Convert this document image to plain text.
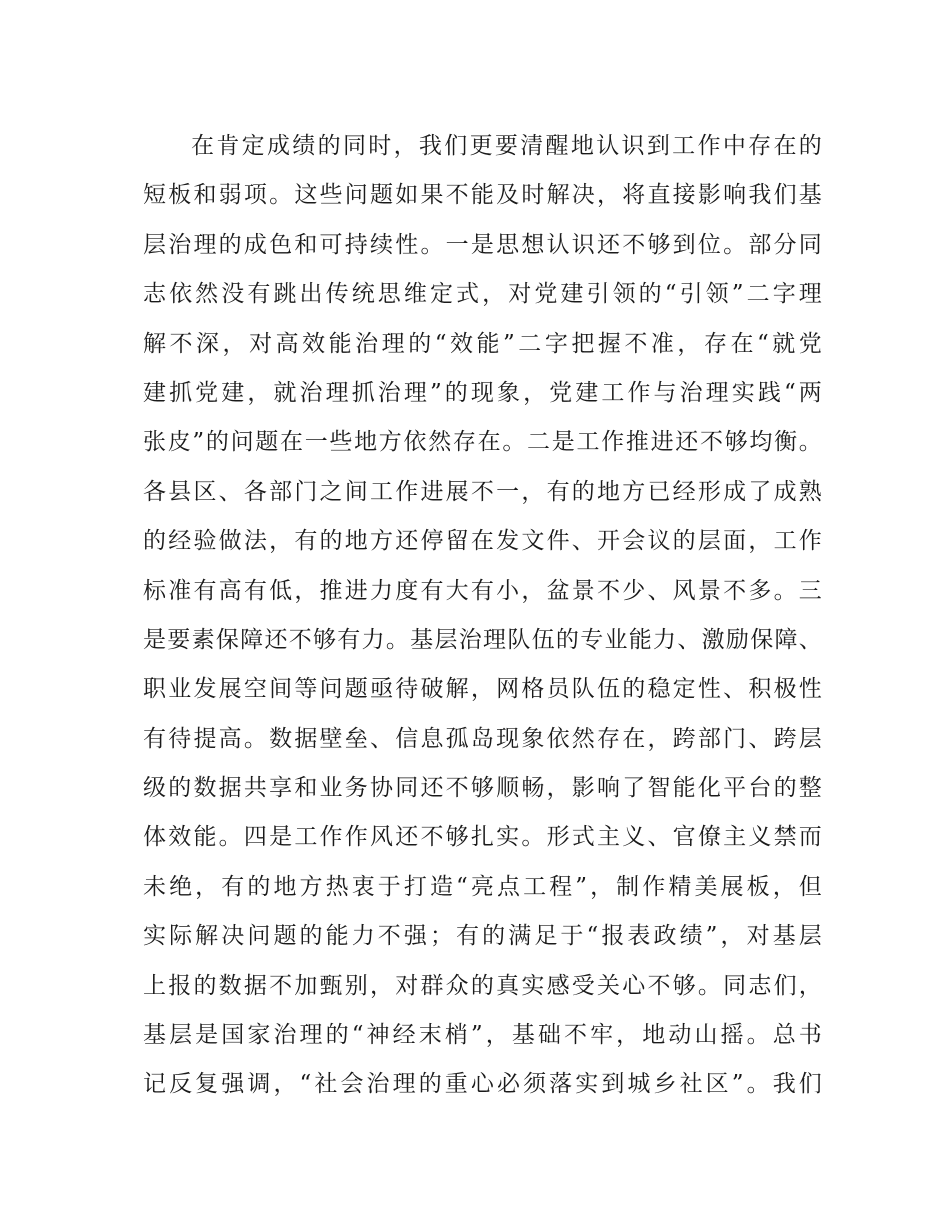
在肯定成绩的同时，我们更要清醒地认识到工作中存在的
短板和弱项。这些问题如果不能及时解决，将直接影响我们基
层治理的成色和可持续性。一是思想认识还不够到位。部分同
志依然没有跳出传统思维定式，对党建引领的“引领”二字理
解不深，对高效能治理的“效能”二字把握不准，存在“就党
建抓党建，就治理抓治理”的现象，党建工作与治理实践“两
张皮”的问题在一些地方依然存在。二是工作推进还不够均衡。
各县区、各部门之间工作进展不一，有的地方已经形成了成熟
的经验做法，有的地方还停留在发文件、开会议的层面，工作
标准有高有低，推进力度有大有小，盆景不少、风景不多。三
是要素保障还不够有力。基层治理队伍的专业能力、激励保障、
职业发展空间等问题亟待破解，网格员队伍的稳定性、积极性
有待提高。数据壁垒、信息孤岛现象依然存在，跨部门、跨层
级的数据共享和业务协同还不够顺畅，影响了智能化平台的整
体效能。四是工作作风还不够扎实。形式主义、官僚主义禁而
未绝，有的地方热衷于打造“亮点工程”，制作精美展板，但
实际解决问题的能力不强；有的满足于“报表政绩”，对基层
上报的数据不加甄别，对群众的真实感受关心不够。同志们，
基层是国家治理的“神经末梢”，基础不牢，地动山摇。总书
记反复强调，“社会治理的重心必须落实到城乡社区”。我们
